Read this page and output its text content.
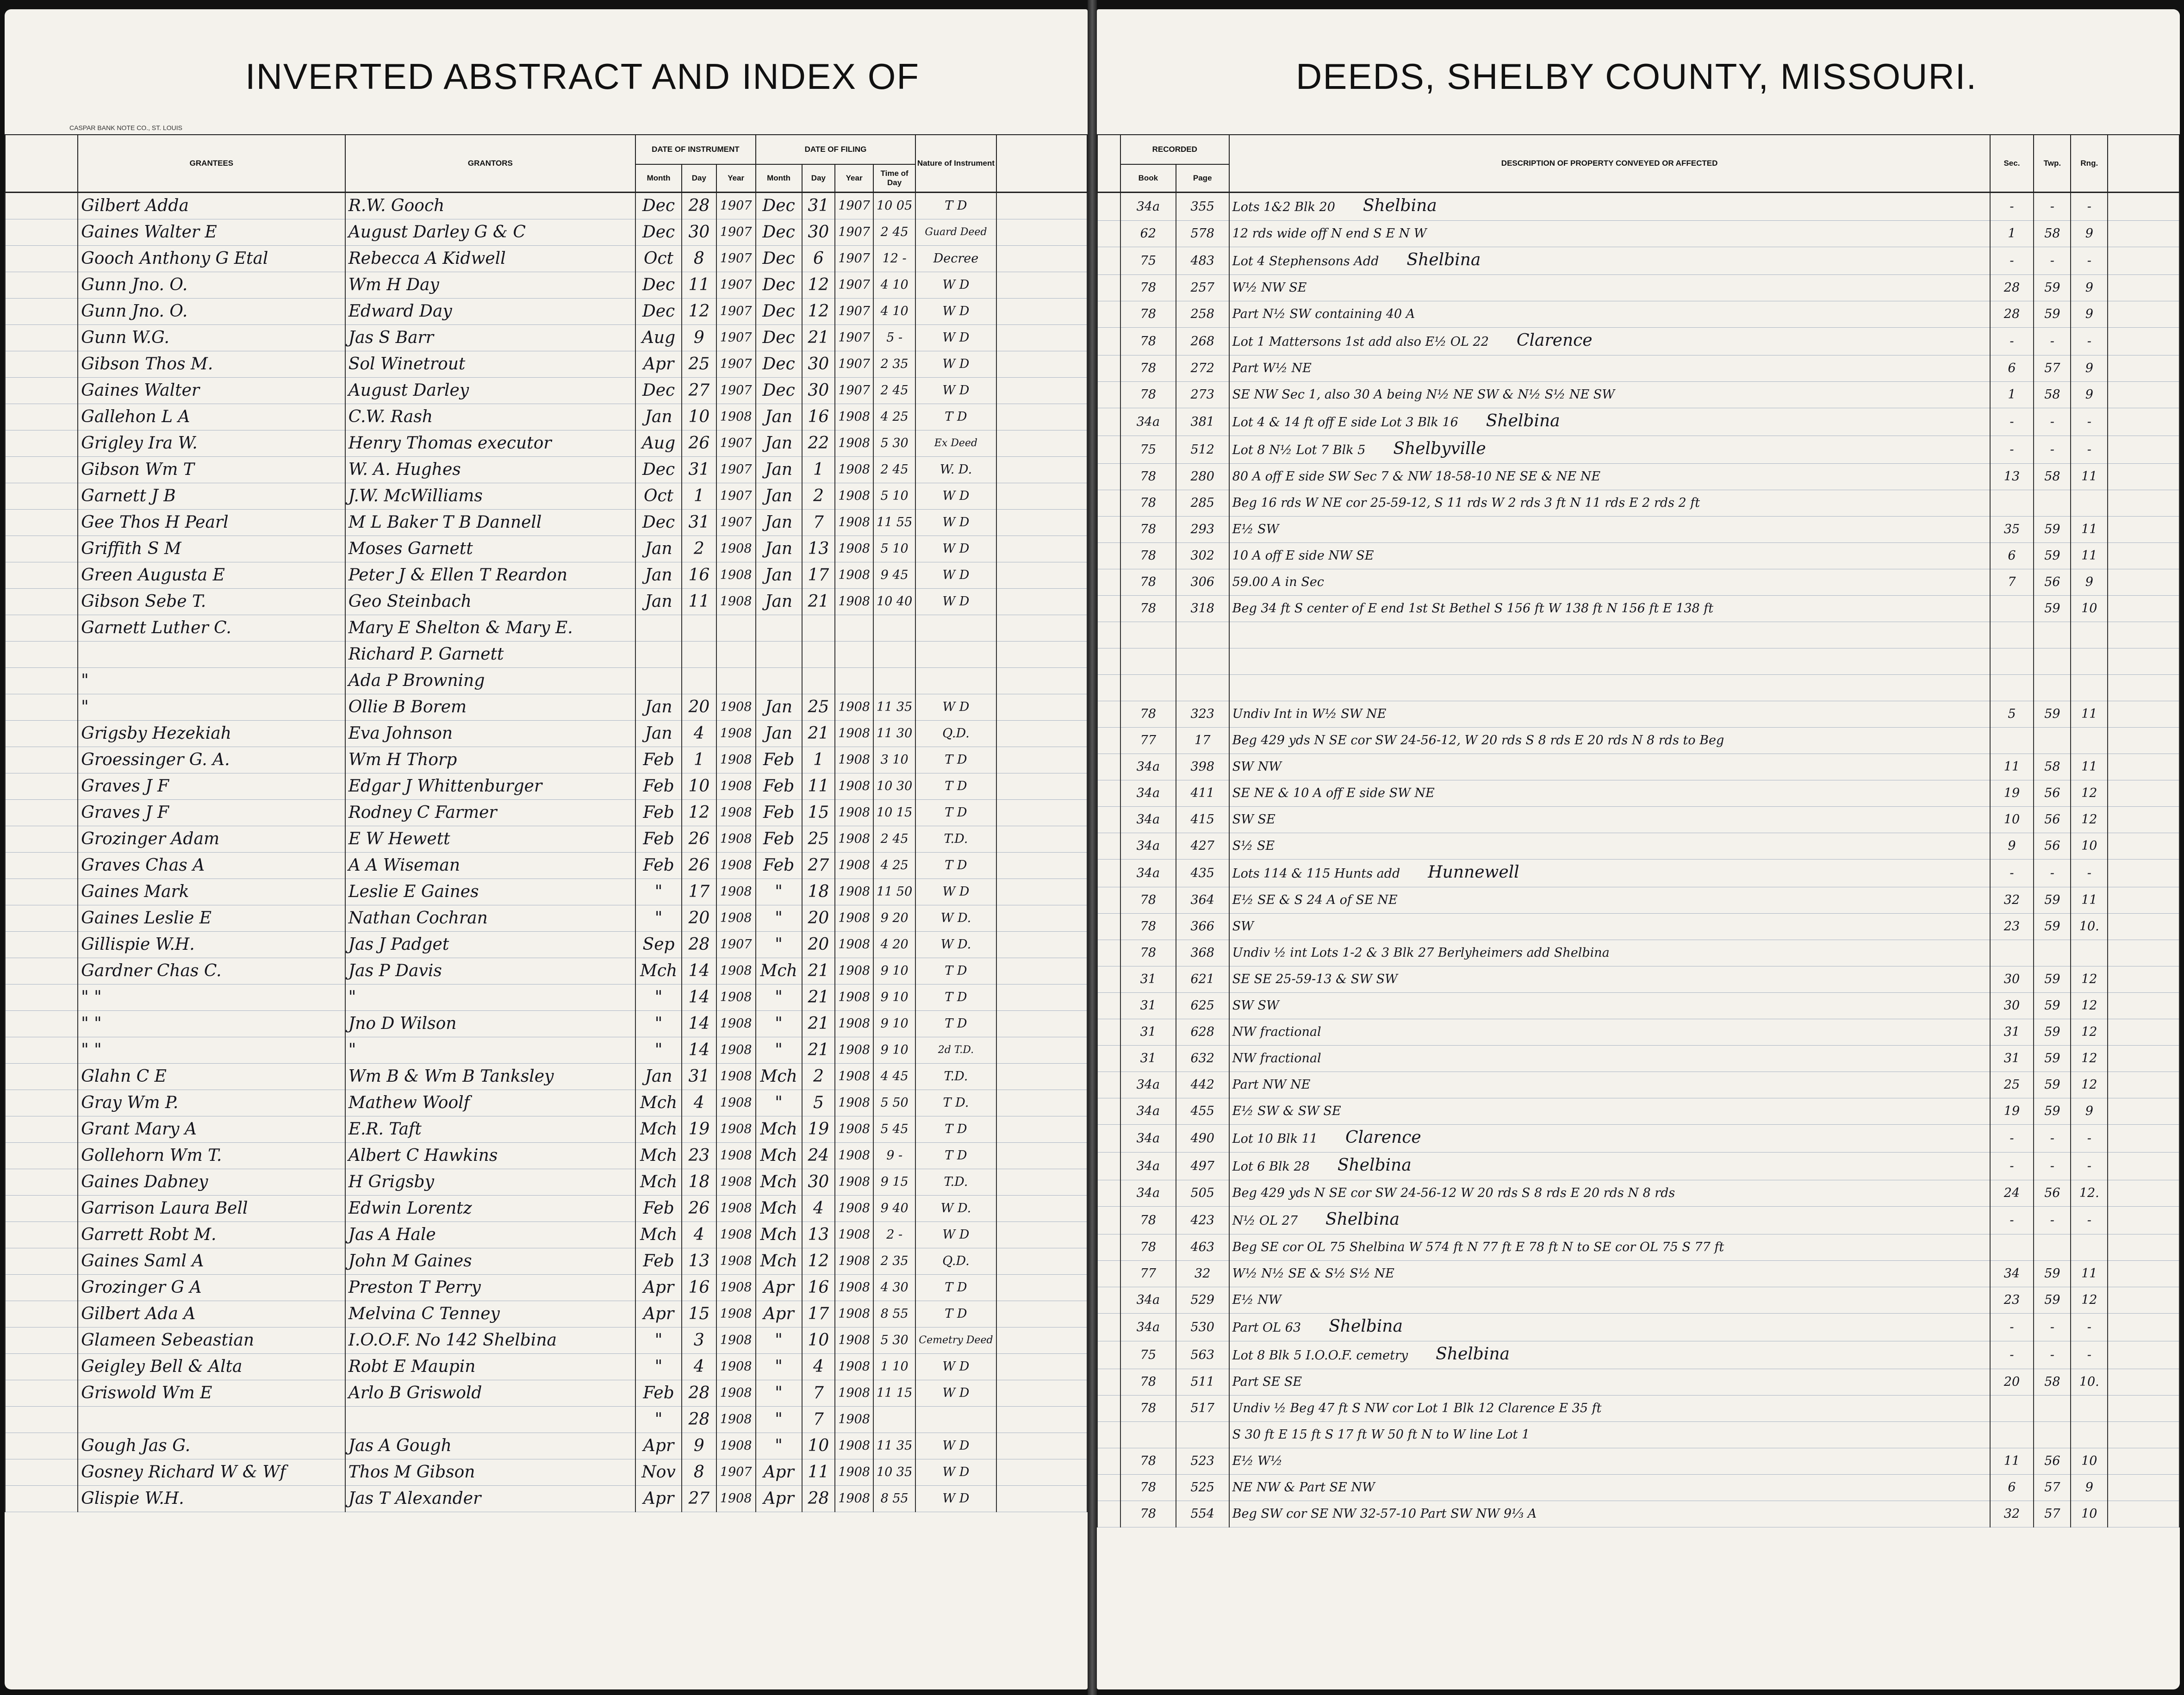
INVERTED ABSTRACT AND INDEX OF
CASPAR BANK NOTE CO., ST. LOUIS
	GRANTEES	GRANTORS	DATE OF INSTRUMENT			DATE OF FILING				Nature of Instrument	
			Month	Day	Year	Month	Day	Year	Time of Day		
	Gilbert Adda	R.W. Gooch	Dec	28	1907	Dec	31	1907	10 05	T D	
	Gaines Walter E	August Darley G & C	Dec	30	1907	Dec	30	1907	2 45	Guard Deed	
	Gooch Anthony G Etal	Rebecca A Kidwell	Oct	8	1907	Dec	6	1907	12 -	Decree	
	Gunn Jno. O.	Wm H Day	Dec	11	1907	Dec	12	1907	4 10	W D	
	Gunn Jno. O.	Edward Day	Dec	12	1907	Dec	12	1907	4 10	W D	
	Gunn W.G.	Jas S Barr	Aug	9	1907	Dec	21	1907	5 -	W D	
	Gibson Thos M.	Sol Winetrout	Apr	25	1907	Dec	30	1907	2 35	W D	
	Gaines Walter	August Darley	Dec	27	1907	Dec	30	1907	2 45	W D	
	Gallehon L A	C.W. Rash	Jan	10	1908	Jan	16	1908	4 25	T D	
	Grigley Ira W.	Henry Thomas executor	Aug	26	1907	Jan	22	1908	5 30	Ex Deed	
	Gibson Wm T	W. A. Hughes	Dec	31	1907	Jan	1	1908	2 45	W. D.	
	Garnett J B	J.W. McWilliams	Oct	1	1907	Jan	2	1908	5 10	W D	
	Gee Thos H Pearl	M L Baker T B Dannell	Dec	31	1907	Jan	7	1908	11 55	W D	
	Griffith S M	Moses Garnett	Jan	2	1908	Jan	13	1908	5 10	W D	
	Green Augusta E	Peter J & Ellen T Reardon	Jan	16	1908	Jan	17	1908	9 45	W D	
	Gibson Sebe T.	Geo Steinbach	Jan	11	1908	Jan	21	1908	10 40	W D	
	Garnett Luther C.	Mary E Shelton & Mary E.									
		Richard P. Garnett									
	"	Ada P Browning									
	"	Ollie B Borem	Jan	20	1908	Jan	25	1908	11 35	W D	
	Grigsby Hezekiah	Eva Johnson	Jan	4	1908	Jan	21	1908	11 30	Q.D.	
	Groessinger G. A.	Wm H Thorp	Feb	1	1908	Feb	1	1908	3 10	T D	
	Graves J F	Edgar J Whittenburger	Feb	10	1908	Feb	11	1908	10 30	T D	
	Graves J F	Rodney C Farmer	Feb	12	1908	Feb	15	1908	10 15	T D	
	Grozinger Adam	E W Hewett	Feb	26	1908	Feb	25	1908	2 45	T.D.	
	Graves Chas A	A A Wiseman	Feb	26	1908	Feb	27	1908	4 25	T D	
	Gaines Mark	Leslie E Gaines	"	17	1908	"	18	1908	11 50	W D	
	Gaines Leslie E	Nathan Cochran	"	20	1908	"	20	1908	9 20	W D.	
	Gillispie W.H.	Jas J Padget	Sep	28	1907	"	20	1908	4 20	W D.	
	Gardner Chas C.	Jas P Davis	Mch	14	1908	Mch	21	1908	9 10	T D	
	" "	"	"	14	1908	"	21	1908	9 10	T D	
	" "	Jno D Wilson	"	14	1908	"	21	1908	9 10	T D	
	" "	"	"	14	1908	"	21	1908	9 10	2d T.D.	
	Glahn C E	Wm B & Wm B Tanksley	Jan	31	1908	Mch	2	1908	4 45	T.D.	
	Gray Wm P.	Mathew Woolf	Mch	4	1908	"	5	1908	5 50	T D.	
	Grant Mary A	E.R. Taft	Mch	19	1908	Mch	19	1908	5 45	T D	
	Gollehorn Wm T.	Albert C Hawkins	Mch	23	1908	Mch	24	1908	9 -	T D	
	Gaines Dabney	H Grigsby	Mch	18	1908	Mch	30	1908	9 15	T.D.	
	Garrison Laura Bell	Edwin Lorentz	Feb	26	1908	Mch	4	1908	9 40	W D.	
	Garrett Robt M.	Jas A Hale	Mch	4	1908	Mch	13	1908	2 -	W D	
	Gaines Saml A	John M Gaines	Feb	13	1908	Mch	12	1908	2 35	Q.D.	
	Grozinger G A	Preston T Perry	Apr	16	1908	Apr	16	1908	4 30	T D	
	Gilbert Ada A	Melvina C Tenney	Apr	15	1908	Apr	17	1908	8 55	T D	
	Glameen Sebeastian	I.O.O.F. No 142 Shelbina	"	3	1908	"	10	1908	5 30	Cemetry Deed	
	Geigley Bell & Alta	Robt E Maupin	"	4	1908	"	4	1908	1 10	W D	
	Griswold Wm E	Arlo B Griswold	Feb	28	1908	"	7	1908	11 15	W D	
			"	28	1908	"	7	1908			
	Gough Jas G.	Jas A Gough	Apr	9	1908	"	10	1908	11 35	W D	
	Gosney Richard W & Wf	Thos M Gibson	Nov	8	1907	Apr	11	1908	10 35	W D	
	Glispie W.H.	Jas T Alexander	Apr	27	1908	Apr	28	1908	8 55	W D	
DEEDS, SHELBY COUNTY, MISSOURI.
	RECORDED		DESCRIPTION OF PROPERTY CONVEYED OR AFFECTED	Sec.	Twp.	Rng.	
	Book	Page					
	34a	355	Lots 1&2 Blk 20 Shelbina	-	-	-	
	62	578	12 rds wide off N end S E N W	1	58	9	
	75	483	Lot 4 Stephensons Add Shelbina	-	-	-	
	78	257	W½ NW SE	28	59	9	
	78	258	Part N½ SW containing 40 A	28	59	9	
	78	268	Lot 1 Mattersons 1st add also E½ OL 22 Clarence	-	-	-	
	78	272	Part W½ NE	6	57	9	
	78	273	SE NW Sec 1, also 30 A being N½ NE SW & N½ S½ NE SW	1	58	9	
	34a	381	Lot 4 & 14 ft off E side Lot 3 Blk 16 Shelbina	-	-	-	
	75	512	Lot 8 N½ Lot 7 Blk 5 Shelbyville	-	-	-	
	78	280	80 A off E side SW Sec 7 & NW 18-58-10 NE SE & NE NE	13	58	11	
	78	285	Beg 16 rds W NE cor 25-59-12, S 11 rds W 2 rds 3 ft N 11 rds E 2 rds 2 ft				
	78	293	E½ SW	35	59	11	
	78	302	10 A off E side NW SE	6	59	11	
	78	306	59.00 A in Sec	7	56	9	
	78	318	Beg 34 ft S center of E end 1st St Bethel S 156 ft W 138 ft N 156 ft E 138 ft		59	10	

	78	323	Undiv Int in W½ SW NE	5	59	11	
	77	17	Beg 429 yds N SE cor SW 24-56-12, W 20 rds S 8 rds E 20 rds N 8 rds to Beg				
	34a	398	SW NW	11	58	11	
	34a	411	SE NE & 10 A off E side SW NE	19	56	12	
	34a	415	SW SE	10	56	12	
	34a	427	S½ SE	9	56	10	
	34a	435	Lots 114 & 115 Hunts add Hunnewell	-	-	-	
	78	364	E½ SE & S 24 A of SE NE	32	59	11	
	78	366	SW	23	59	10.	
	78	368	Undiv ½ int Lots 1-2 & 3 Blk 27 Berlyheimers add Shelbina				
	31	621	SE SE 25-59-13 & SW SW	30	59	12	
	31	625	SW SW	30	59	12	
	31	628	NW fractional	31	59	12	
	31	632	NW fractional	31	59	12	
	34a	442	Part NW NE	25	59	12	
	34a	455	E½ SW & SW SE	19	59	9	
	34a	490	Lot 10 Blk 11 Clarence	-	-	-	
	34a	497	Lot 6 Blk 28 Shelbina	-	-	-	
	34a	505	Beg 429 yds N SE cor SW 24-56-12 W 20 rds S 8 rds E 20 rds N 8 rds	24	56	12.	
	78	423	N½ OL 27 Shelbina	-	-	-	
	78	463	Beg SE cor OL 75 Shelbina W 574 ft N 77 ft E 78 ft N to SE cor OL 75 S 77 ft				
	77	32	W½ N½ SE & S½ S½ NE	34	59	11	
	34a	529	E½ NW	23	59	12	
	34a	530	Part OL 63 Shelbina	-	-	-	
	75	563	Lot 8 Blk 5 I.O.O.F. cemetry Shelbina	-	-	-	
	78	511	Part SE SE	20	58	10.	
	78	517	Undiv ½ Beg 47 ft S NW cor Lot 1 Blk 12 Clarence E 35 ft				
			S 30 ft E 15 ft S 17 ft W 50 ft N to W line Lot 1				
	78	523	E½ W½	11	56	10	
	78	525	NE NW & Part SE NW	6	57	9	
	78	554	Beg SW cor SE NW 32-57-10 Part SW NW 9⅓ A	32	57	10	
